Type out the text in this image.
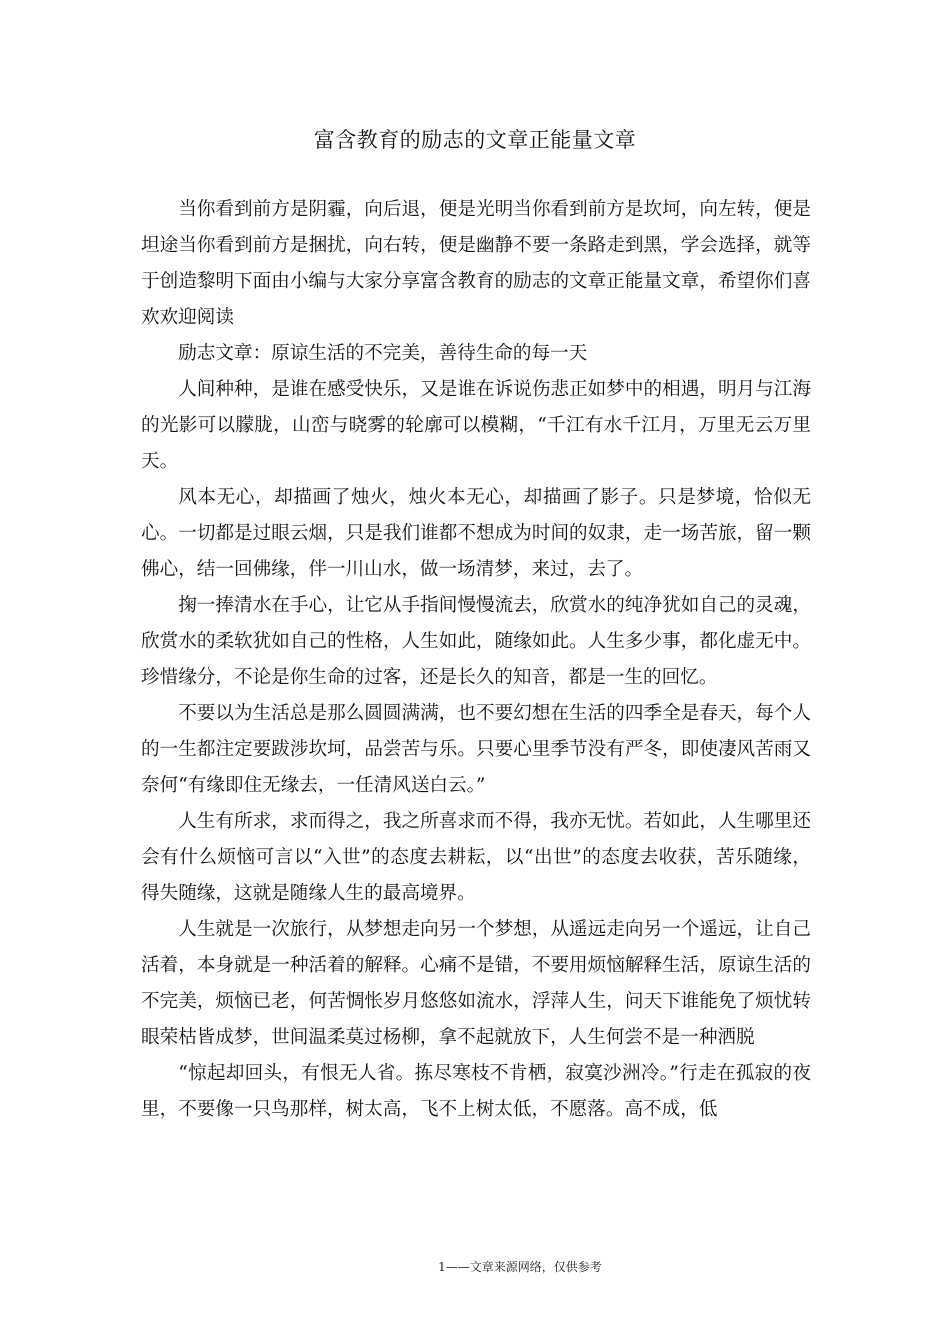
富含教育的励志的文章正能量文章

当你看到前方是阴霾，向后退，便是光明当你看到前方是坎坷，向左转，便是坦途当你看到前方是捆扰，向右转，便是幽静不要一条路走到黑，学会选择，就等于创造黎明下面由小编与大家分享富含教育的励志的文章正能量文章，希望你们喜欢欢迎阅读

励志文章：原谅生活的不完美，善待生命的每一天

人间种种，是谁在感受快乐，又是谁在诉说伤悲正如梦中的相遇，明月与江海的光影可以朦胧，山峦与晓雾的轮廓可以模糊，“千江有水千江月，万里无云万里天。

风本无心，却描画了烛火，烛火本无心，却描画了影子。只是梦境，恰似无心。一切都是过眼云烟，只是我们谁都不想成为时间的奴隶，走一场苦旅，留一颗佛心，结一回佛缘，伴一川山水，做一场清梦，来过，去了。

掬一捧清水在手心，让它从手指间慢慢流去，欣赏水的纯净犹如自己的灵魂，欣赏水的柔软犹如自己的性格，人生如此，随缘如此。人生多少事，都化虚无中。珍惜缘分，不论是你生命的过客，还是长久的知音，都是一生的回忆。

不要以为生活总是那么圆圆满满，也不要幻想在生活的四季全是春天，每个人的一生都注定要跋涉坎坷，品尝苦与乐。只要心里季节没有严冬，即使凄风苦雨又奈何“有缘即住无缘去，一任清风送白云。”

人生有所求，求而得之，我之所喜求而不得，我亦无忧。若如此，人生哪里还会有什么烦恼可言以“入世”的态度去耕耘，以“出世”的态度去收获，苦乐随缘，得失随缘，这就是随缘人生的最高境界。

人生就是一次旅行，从梦想走向另一个梦想，从遥远走向另一个遥远，让自己活着，本身就是一种活着的解释。心痛不是错，不要用烦恼解释生活，原谅生活的不完美，烦恼已老，何苦惆怅岁月悠悠如流水，浮萍人生，问天下谁能免了烦忧转眼荣枯皆成梦，世间温柔莫过杨柳，拿不起就放下，人生何尝不是一种洒脱

“惊起却回头，有恨无人省。拣尽寒枝不肯栖，寂寞沙洲冷。”行走在孤寂的夜里，不要像一只鸟那样，树太高，飞不上树太低，不愿落。高不成，低

1——文章来源网络，仅供参考
